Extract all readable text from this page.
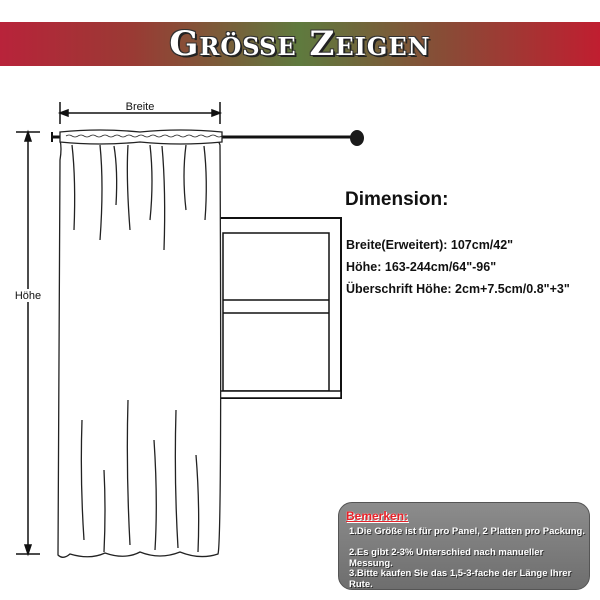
Größe Zeigen
Breite
Höhe
Dimension:
Breite(Erweitert): 107cm/42"
Höhe: 163-244cm/64"-96"
Überschrift Höhe: 2cm+7.5cm/0.8"+3"
Bemerken:
1.Die Größe ist für pro Panel, 2 Platten pro Packung.
2.Es gibt 2-3% Unterschied nach manueller Messung.
3.Bitte kaufen Sie das 1,5-3-fache der Länge Ihrer Rute.
